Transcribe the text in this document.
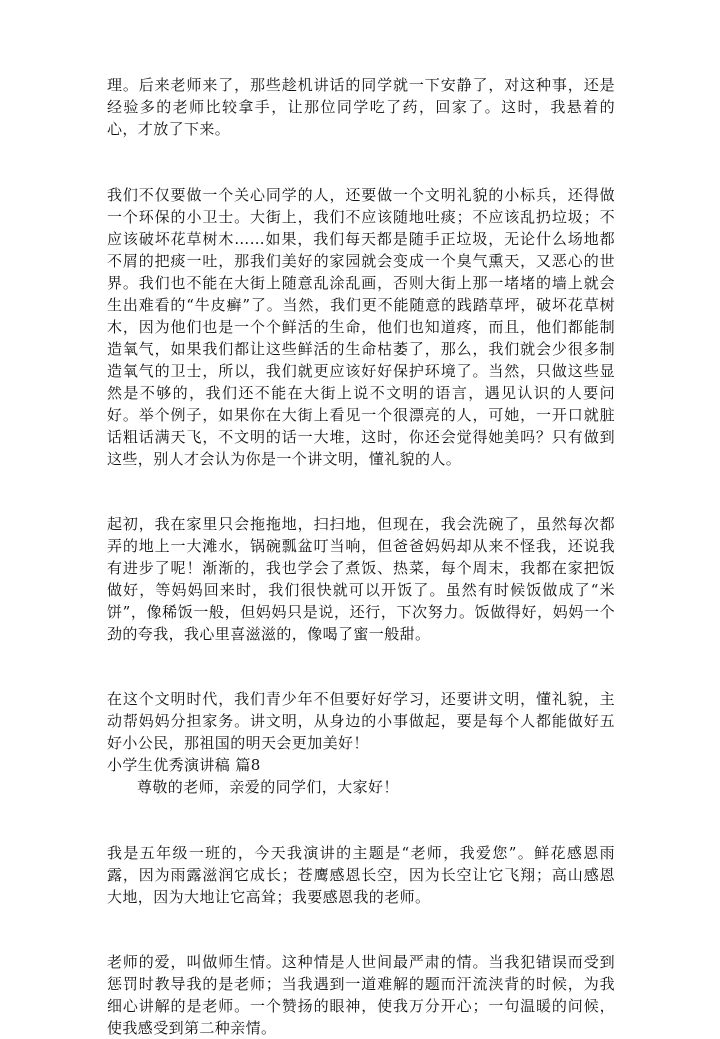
理。后来老师来了，那些趁机讲话的同学就一下安静了，对这种事，还是经验多的老师比较拿手，让那位同学吃了药，回家了。这时，我悬着的心，才放了下来。

我们不仅要做一个关心同学的人，还要做一个文明礼貌的小标兵，还得做一个环保的小卫士。大街上，我们不应该随地吐痰；不应该乱扔垃圾；不应该破坏花草树木……如果，我们每天都是随手正垃圾，无论什么场地都不屑的把痰一吐，那我们美好的家园就会变成一个臭气熏天，又恶心的世界。我们也不能在大街上随意乱涂乱画，否则大街上那一堵堵的墙上就会生出难看的“牛皮癣”了。当然，我们更不能随意的践踏草坪，破坏花草树木，因为他们也是一个个鲜活的生命，他们也知道疼，而且，他们都能制造氧气，如果我们都让这些鲜活的生命枯萎了，那么，我们就会少很多制造氧气的卫士，所以，我们就更应该好好保护环境了。当然，只做这些显然是不够的，我们还不能在大街上说不文明的语言，遇见认识的人要问好。举个例子，如果你在大街上看见一个很漂亮的人，可她，一开口就脏话粗话满天飞，不文明的话一大堆，这时，你还会觉得她美吗？只有做到这些，别人才会认为你是一个讲文明，懂礼貌的人。

起初，我在家里只会拖拖地，扫扫地，但现在，我会洗碗了，虽然每次都弄的地上一大滩水，锅碗瓢盆叮当响，但爸爸妈妈却从来不怪我，还说我有进步了呢！渐渐的，我也学会了煮饭、热菜，每个周末，我都在家把饭做好，等妈妈回来时，我们很快就可以开饭了。虽然有时候饭做成了“米饼”，像稀饭一般，但妈妈只是说，还行，下次努力。饭做得好，妈妈一个劲的夸我，我心里喜滋滋的，像喝了蜜一般甜。

在这个文明时代，我们青少年不但要好好学习，还要讲文明，懂礼貌，主动帮妈妈分担家务。讲文明，从身边的小事做起，要是每个人都能做好五好小公民，那祖国的明天会更加美好！

小学生优秀演讲稿 篇8

尊敬的老师，亲爱的同学们，大家好！

我是五年级一班的，今天我演讲的主题是“老师，我爱您”。鲜花感恩雨露，因为雨露滋润它成长；苍鹰感恩长空，因为长空让它飞翔；高山感恩大地，因为大地让它高耸；我要感恩我的老师。

老师的爱，叫做师生情。这种情是人世间最严肃的情。当我犯错误而受到惩罚时教导我的是老师；当我遇到一道难解的题而汗流浃背的时候，为我细心讲解的是老师。一个赞扬的眼神，使我万分开心；一句温暖的问候，使我感受到第二种亲情。
